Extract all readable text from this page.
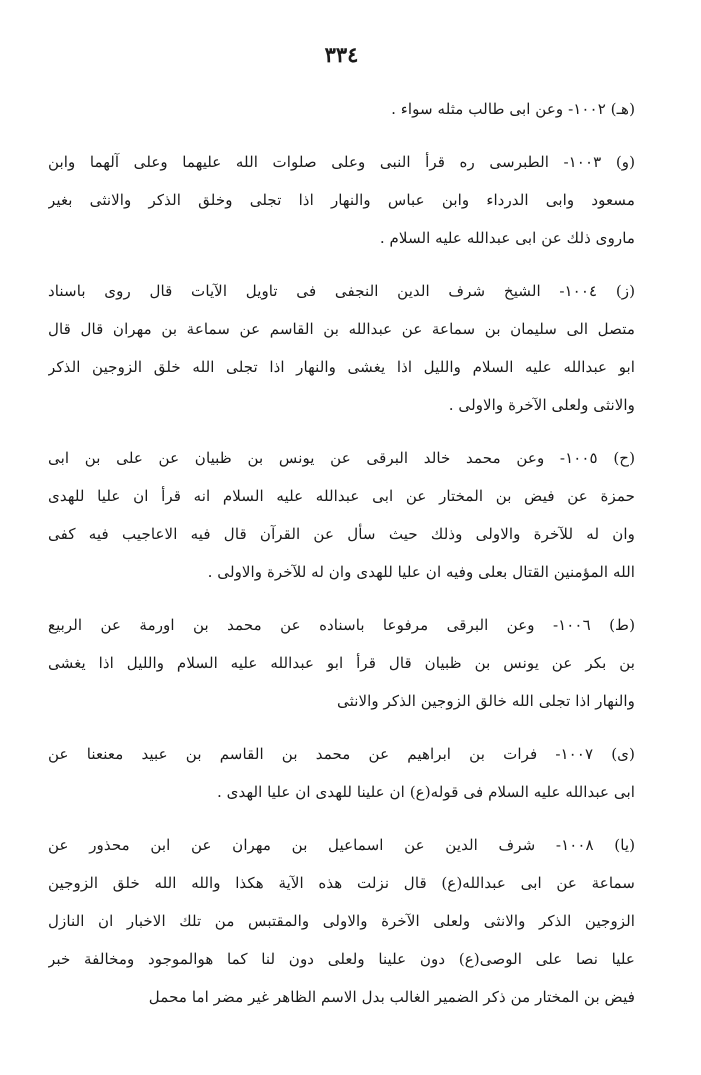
٣٣٤
(هـ) ١٠٠٢- وعن ابى طالب مثله سواء .
(و) ١٠٠٣- الطبرسى ره قرأ النبى وعلى صلوات الله عليهما وعلى آلهما وابن
مسعود وابى الدرداء وابن عباس والنهار اذا تجلى وخلق الذكر والانثى بغير
ماروى ذلك عن ابى عبدالله عليه السلام .
(ز) ١٠٠٤- الشيخ شرف الدين النجفى فى تاويل الآيات قال روى باسناد
متصل الى سليمان بن سماعة عن عبدالله بن القاسم عن سماعة بن مهران قال قال
ابو عبدالله عليه السلام والليل اذا يغشى والنهار اذا تجلى الله خلق الزوجين الذكر
والانثى ولعلى الآخرة والاولى .
(ح) ١٠٠٥- وعن محمد خالد البرقى عن يونس بن ظبيان عن على بن ابى
حمزة عن فيض بن المختار عن ابى عبدالله عليه السلام انه قرأ ان عليا للهدى
وان له للآخرة والاولى وذلك حيث سأل عن القرآن قال فيه الاعاجيب فيه كفى
الله المؤمنين القتال بعلى وفيه ان عليا للهدى وان له للآخرة والاولى .
(ط) ١٠٠٦- وعن البرقى مرفوعا باسناده عن محمد بن اورمة عن الربيع
بن بكر عن يونس بن ظبيان قال قرأ ابو عبدالله عليه السلام والليل اذا يغشى
والنهار اذا تجلى الله خالق الزوجين الذكر والانثى
(ى) ١٠٠٧- فرات بن ابراهيم عن محمد بن القاسم بن عبيد معنعنا عن
ابى عبدالله عليه السلام فى قوله(ع) ان علينا للهدى ان عليا الهدى .
(يا) ١٠٠٨- شرف الدين عن اسماعيل بن مهران عن ابن محذور عن
سماعة عن ابى عبدالله(ع) قال نزلت هذه الآية هكذا والله الله خلق الزوجين
الزوجين الذكر والانثى ولعلى الآخرة والاولى والمقتبس من تلك الاخبار ان النازل
عليا نصا على الوصى(ع) دون علينا ولعلى دون لنا كما هوالموجود ومخالفة خبر
فيض بن المختار من ذكر الضمير الغالب بدل الاسم الظاهر غير مضر اما محمل
